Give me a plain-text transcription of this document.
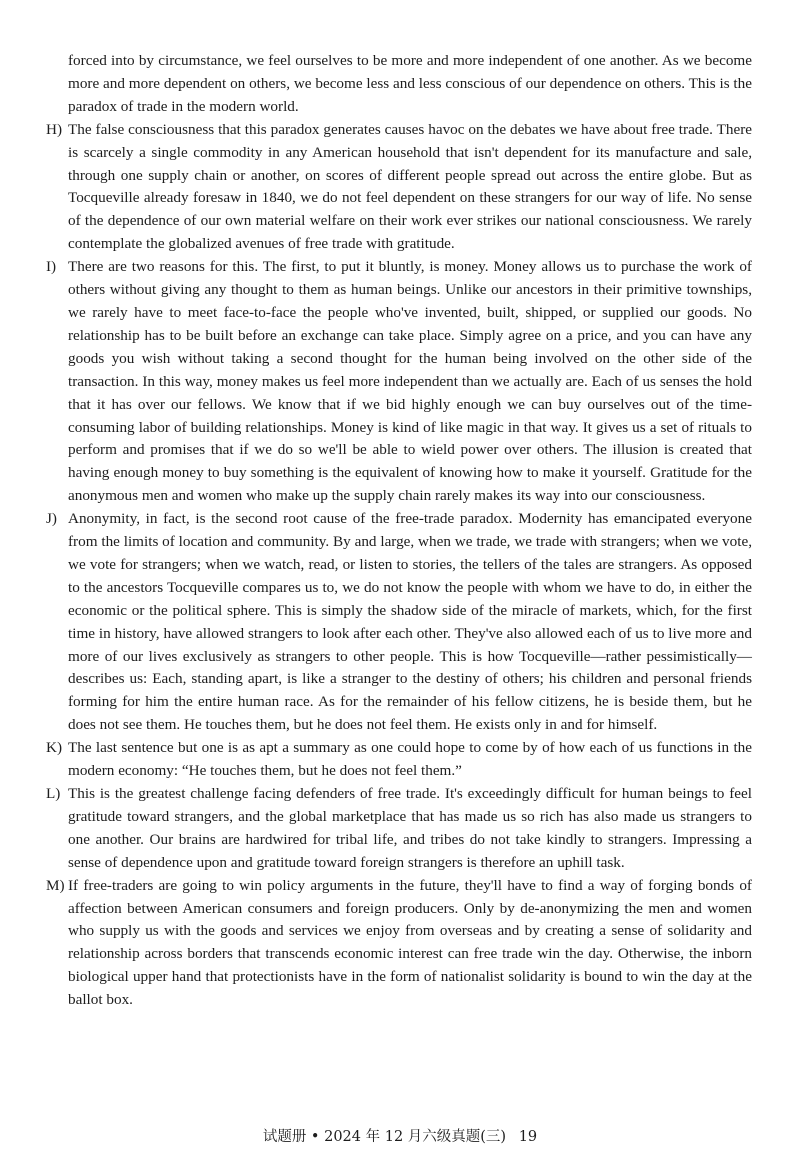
forced into by circumstance, we feel ourselves to be more and more independent of one another. As we become more and more dependent on others, we become less and less conscious of our dependence on others. This is the paradox of trade in the modern world.

H) The false consciousness that this paradox generates causes havoc on the debates we have about free trade. There is scarcely a single commodity in any American household that isn't dependent for its manufacture and sale, through one supply chain or another, on scores of different people spread out across the entire globe. But as Tocqueville already foresaw in 1840, we do not feel dependent on these strangers for our way of life. No sense of the dependence of our own material welfare on their work ever strikes our national consciousness. We rarely contemplate the globalized avenues of free trade with gratitude.

I) There are two reasons for this. The first, to put it bluntly, is money. Money allows us to purchase the work of others without giving any thought to them as human beings. Unlike our ancestors in their primitive townships, we rarely have to meet face-to-face the people who've invented, built, shipped, or supplied our goods. No relationship has to be built before an exchange can take place. Simply agree on a price, and you can have any goods you wish without taking a second thought for the human being involved on the other side of the transaction. In this way, money makes us feel more independent than we actually are. Each of us senses the hold that it has over our fellows. We know that if we bid highly enough we can buy ourselves out of the time-consuming labor of building relationships. Money is kind of like magic in that way. It gives us a set of rituals to perform and promises that if we do so we'll be able to wield power over others. The illusion is created that having enough money to buy something is the equivalent of knowing how to make it yourself. Gratitude for the anonymous men and women who make up the supply chain rarely makes its way into our consciousness.

J) Anonymity, in fact, is the second root cause of the free-trade paradox. Modernity has emancipated everyone from the limits of location and community. By and large, when we trade, we trade with strangers; when we vote, we vote for strangers; when we watch, read, or listen to stories, the tellers of the tales are strangers. As opposed to the ancestors Tocqueville compares us to, we do not know the people with whom we have to do, in either the economic or the political sphere. This is simply the shadow side of the miracle of markets, which, for the first time in history, have allowed strangers to look after each other. They've also allowed each of us to live more and more of our lives exclusively as strangers to other people. This is how Tocqueville—rather pessimistically—describes us: Each, standing apart, is like a stranger to the destiny of others; his children and personal friends forming for him the entire human race. As for the remainder of his fellow citizens, he is beside them, but he does not see them. He touches them, but he does not feel them. He exists only in and for himself.

K) The last sentence but one is as apt a summary as one could hope to come by of how each of us functions in the modern economy: “He touches them, but he does not feel them.”

L) This is the greatest challenge facing defenders of free trade. It's exceedingly difficult for human beings to feel gratitude toward strangers, and the global marketplace that has made us so rich has also made us strangers to one another. Our brains are hardwired for tribal life, and tribes do not take kindly to strangers. Impressing a sense of dependence upon and gratitude toward foreign strangers is therefore an uphill task.

M) If free-traders are going to win policy arguments in the future, they'll have to find a way of forging bonds of affection between American consumers and foreign producers. Only by de-anonymizing the men and women who supply us with the goods and services we enjoy from overseas and by creating a sense of solidarity and relationship across borders that transcends economic interest can free trade win the day. Otherwise, the inborn biological upper hand that protectionists have in the form of nationalist solidarity is bound to win the day at the ballot box.

试题册 • 2024 年 12 月六级真题(三) 19
